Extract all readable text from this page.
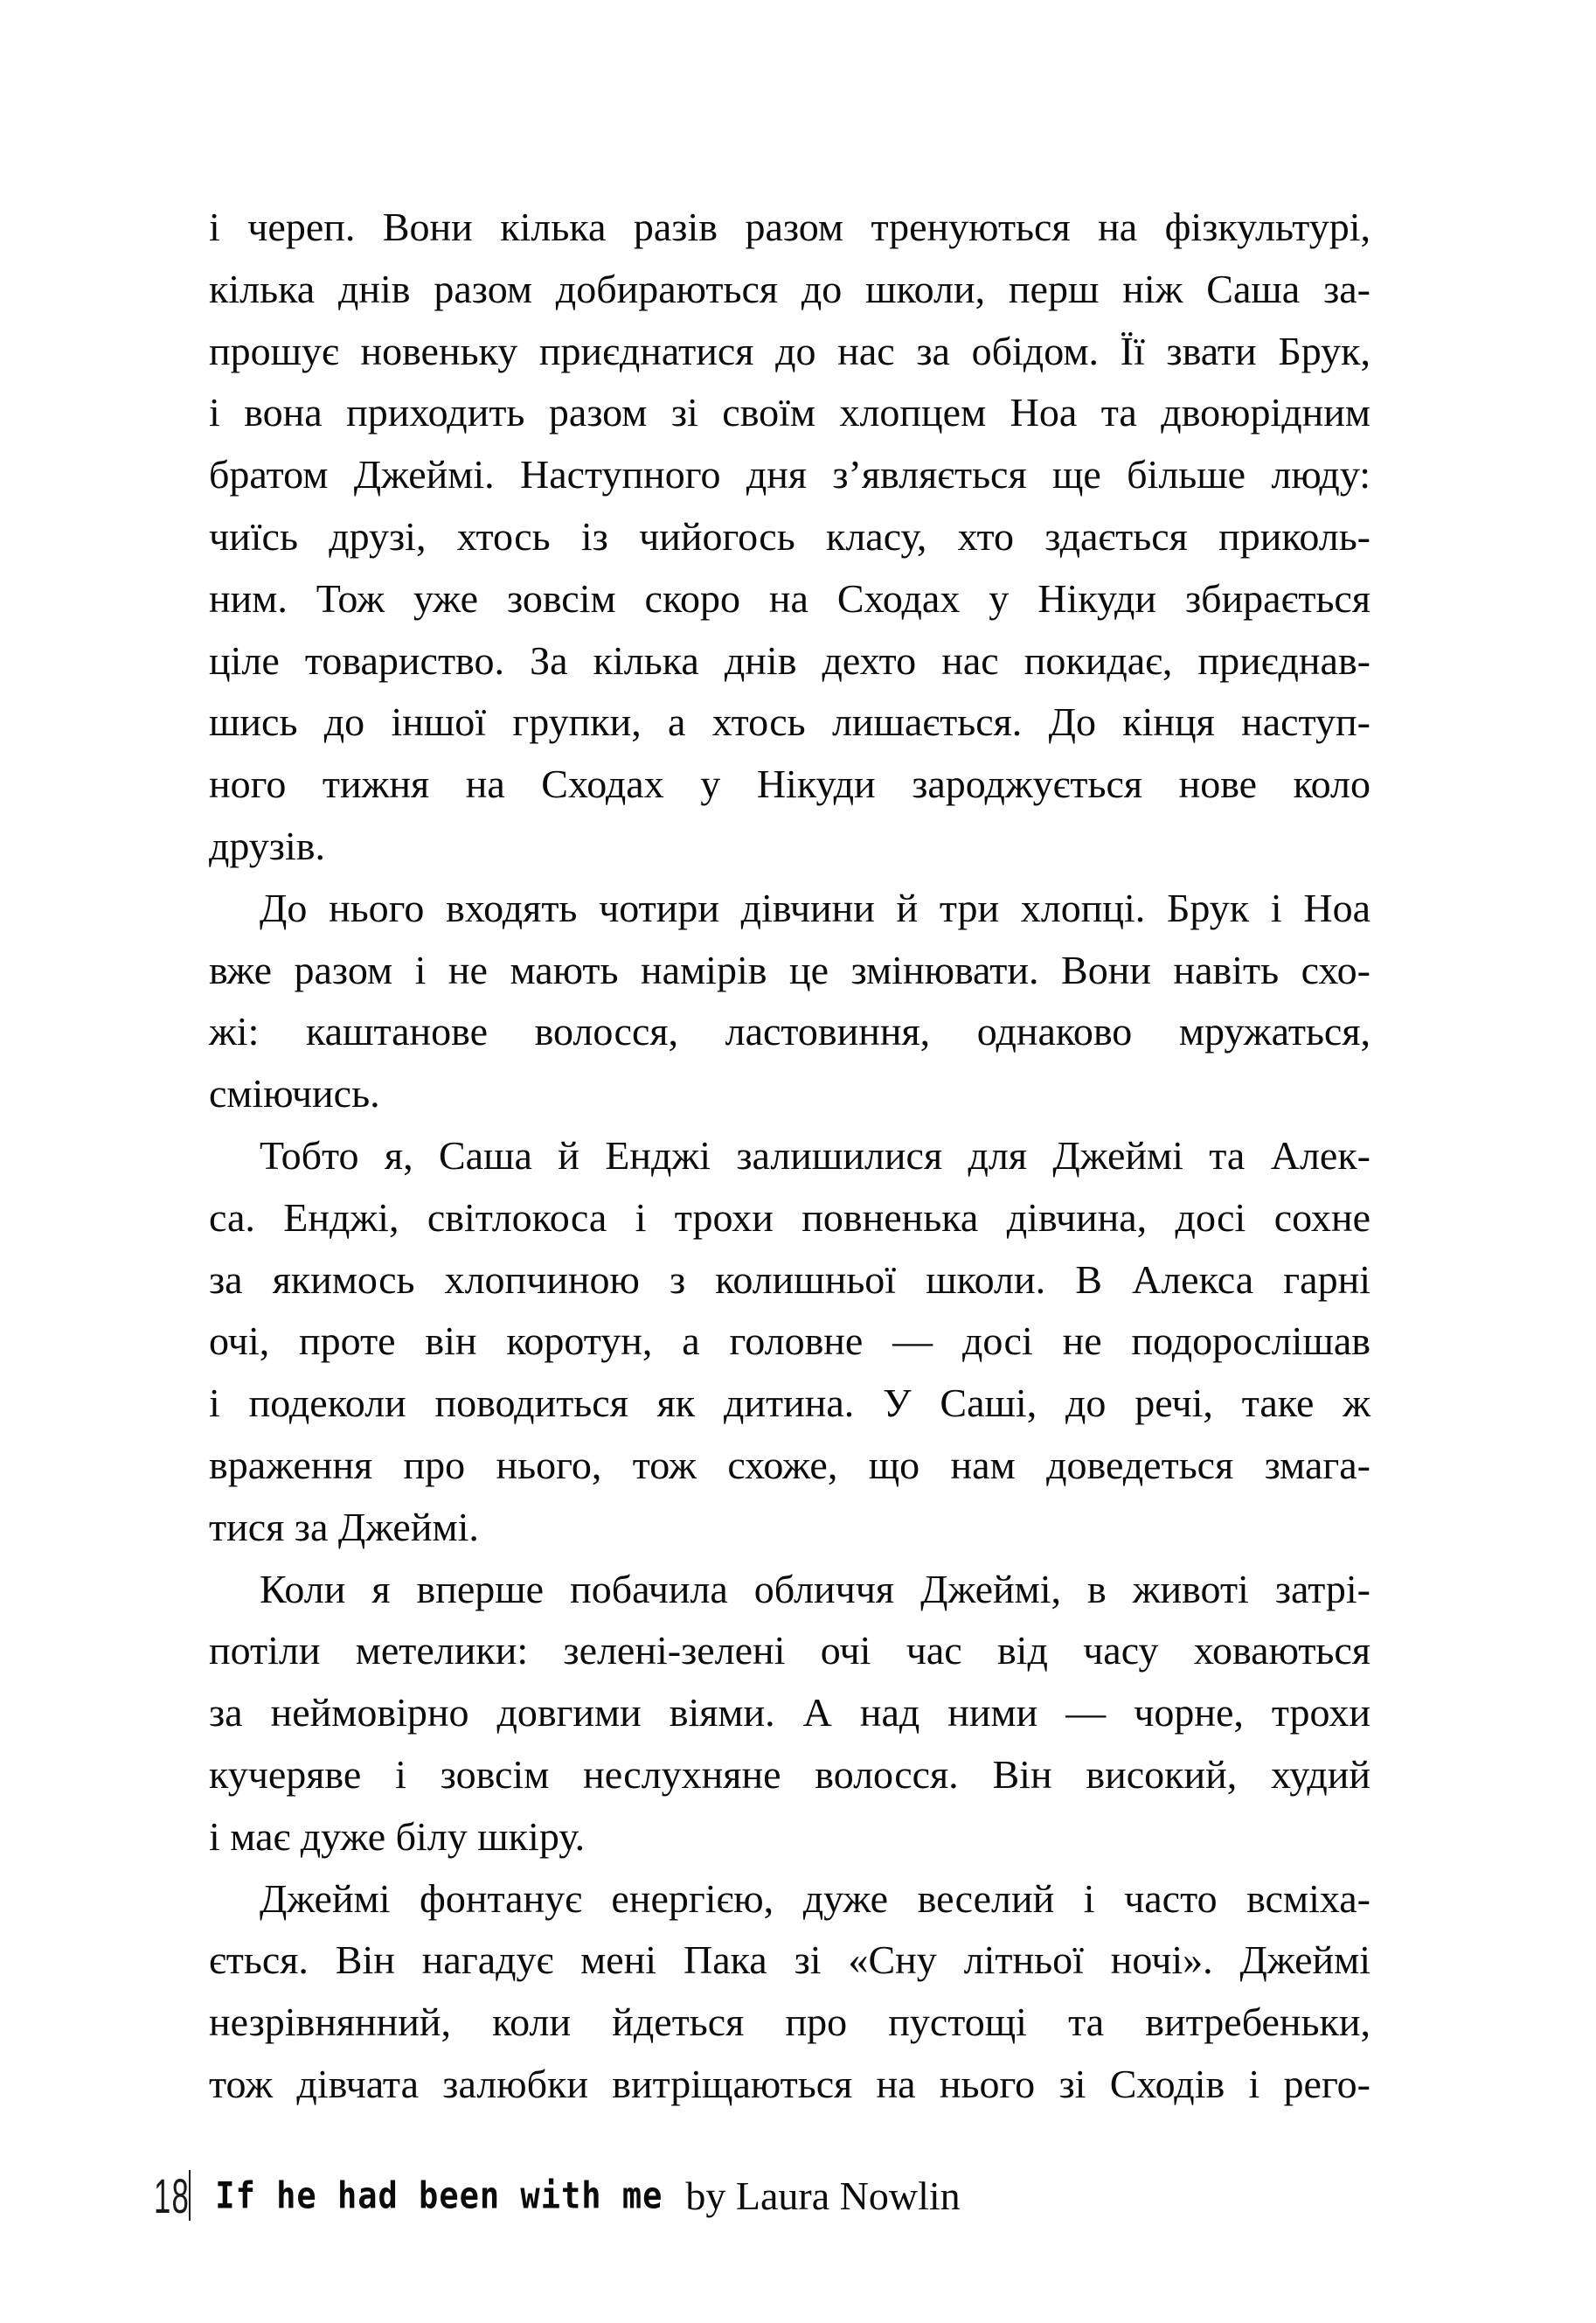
і череп. Вони кілька разів разом тренуються на фізкультурі,
кілька днів разом добираються до школи, перш ніж Саша за-
прошує новеньку приєднатися до нас за обідом. Її звати Брук,
і вона приходить разом зі своїм хлопцем Ноа та двоюрідним
братом Джеймі. Наступного дня з’являється ще більше люду:
чиїсь друзі, хтось із чийогось класу, хто здається приколь-
ним. Тож уже зовсім скоро на Сходах у Нікуди збирається
ціле товариство. За кілька днів дехто нас покидає, приєднав-
шись до іншої групки, а хтось лишається. До кінця наступ-
ного тижня на Сходах у Нікуди зароджується нове коло
друзів.
До нього входять чотири дівчини й три хлопці. Брук і Ноа
вже разом і не мають намірів це змінювати. Вони навіть схо-
жі: каштанове волосся, ластовиння, однаково мружаться,
сміючись.
Тобто я, Саша й Енджі залишилися для Джеймі та Алек-
са. Енджі, світлокоса і трохи повненька дівчина, досі сохне
за якимось хлопчиною з колишньої школи. В Алекса гарні
очі, проте він коротун, а головне — досі не подорослішав
і подеколи поводиться як дитина. У Саші, до речі, таке ж
враження про нього, тож схоже, що нам доведеться змага-
тися за Джеймі.
Коли я вперше побачила обличчя Джеймі, в животі затрі-
потіли метелики: зелені-зелені очі час від часу ховаються
за неймовірно довгими віями. А над ними — чорне, трохи
кучеряве і зовсім неслухняне волосся. Він високий, худий
і має дуже білу шкіру.
Джеймі фонтанує енергією, дуже веселий і часто всміха-
ється. Він нагадує мені Пака зі «Сну літньої ночі». Джеймі
незрівнянний, коли йдеться про пустощі та витребеньки,
тож дівчата залюбки витріщаються на нього зі Сходів і рего-
18 If he had been with me by Laura Nowlin
